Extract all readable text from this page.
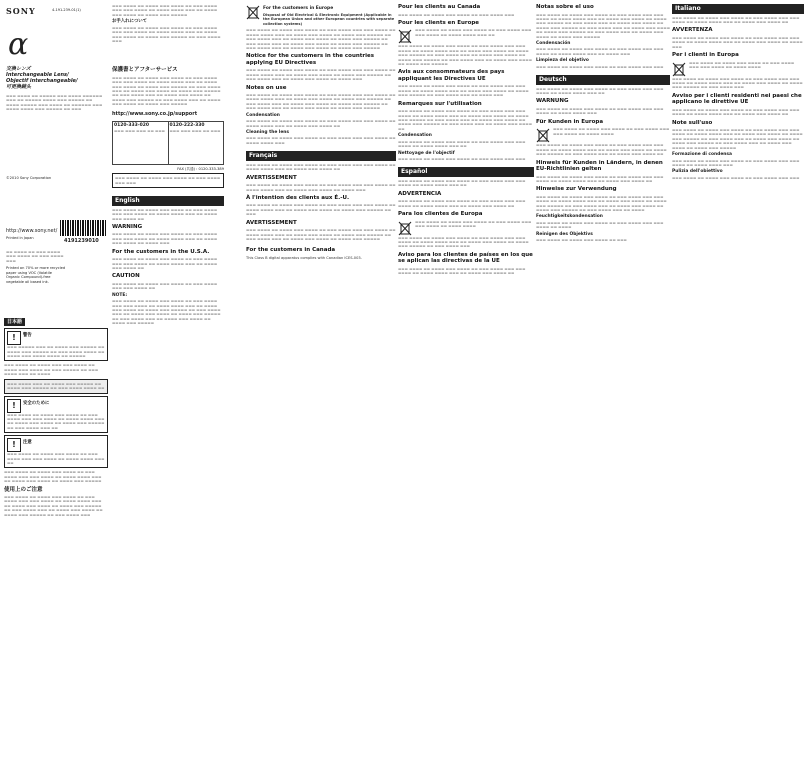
SONY	4-191-239-01(1)
α
交換レンズ
Interchangeable Lens/
Objectif interchangeable/
可更換鏡头
▬▬▬ ▬▬▬▬ ▬▬ ▬▬▬▬▬ ▬▬▬ ▬▬▬▬ ▬▬▬▬▬▬ ▬▬▬ ▬▬ ▬▬▬▬▬ ▬▬▬▬ ▬▬▬ ▬▬▬▬▬ ▬▬ ▬▬▬▬ ▬▬▬▬▬ ▬▬▬ ▬▬▬▬ ▬▬ ▬▬▬▬▬▬ ▬▬▬ ▬▬▬▬ ▬▬▬▬ ▬▬▬ ▬▬▬▬▬ ▬▬ ▬▬▬
©2010 Sony Corporation
http://www.sony.net/
Printed in Japan	4191239010
▬▬ ▬▬▬▬ ▬▬ ▬▬▬ ▬▬▬▬ ▬▬▬ ▬▬▬▬ ▬▬ ▬▬▬ ▬▬▬▬ ▬▬▬
Printed on 70% or more recycled paper using VOC (Volatile Organic Compound)-free vegetable oil based ink.
日本語
!	警告
▬▬▬ ▬▬▬▬▬ ▬▬▬ ▬▬ ▬▬▬▬ ▬▬▬ ▬▬▬▬▬ ▬▬ ▬▬▬▬ ▬▬▬ ▬▬▬▬▬ ▬▬ ▬▬▬ ▬▬▬▬ ▬▬▬▬ ▬▬ ▬▬▬▬ ▬▬▬ ▬▬▬▬ ▬▬▬▬ ▬▬ ▬▬▬▬▬
▬▬▬ ▬▬▬▬ ▬▬ ▬▬▬▬ ▬▬▬ ▬▬▬ ▬▬▬▬ ▬▬ ▬▬▬▬ ▬▬▬ ▬▬▬▬ ▬▬ ▬▬▬ ▬▬▬▬▬ ▬▬ ▬▬▬ ▬▬▬▬ ▬▬▬ ▬▬ ▬▬▬▬
▬▬▬ ▬▬▬▬ ▬▬▬ ▬▬ ▬▬▬▬ ▬▬▬ ▬▬▬▬▬ ▬▬ ▬▬▬▬ ▬▬▬ ▬▬▬▬▬ ▬▬ ▬▬▬ ▬▬▬▬ ▬▬▬▬ ▬▬
!	安全のために
▬▬▬ ▬▬▬▬ ▬▬ ▬▬▬▬ ▬▬▬ ▬▬▬▬ ▬▬ ▬▬▬ ▬▬▬▬ ▬▬▬ ▬▬▬ ▬▬▬▬ ▬▬ ▬▬▬▬ ▬▬▬▬ ▬▬▬ ▬▬ ▬▬▬▬ ▬▬▬ ▬▬▬▬ ▬▬ ▬▬▬▬ ▬▬▬ ▬▬▬▬▬ ▬▬ ▬▬▬ ▬▬▬▬ ▬▬▬ ▬▬
!	注意
▬▬▬ ▬▬▬▬ ▬▬ ▬▬▬▬ ▬▬▬ ▬▬▬▬ ▬▬ ▬▬▬ ▬▬▬▬ ▬▬▬ ▬▬▬ ▬▬▬▬ ▬▬ ▬▬▬▬ ▬▬▬▬ ▬▬▬ ▬▬
▬▬▬ ▬▬▬▬ ▬▬ ▬▬▬▬ ▬▬▬ ▬▬▬▬ ▬▬ ▬▬▬ ▬▬▬▬ ▬▬▬ ▬▬▬ ▬▬▬▬ ▬▬ ▬▬▬▬ ▬▬▬▬ ▬▬▬ ▬▬ ▬▬▬▬ ▬▬▬ ▬▬▬▬ ▬▬ ▬▬▬▬ ▬▬▬ ▬▬▬▬▬
使用上のご注意
▬▬▬ ▬▬▬▬ ▬▬ ▬▬▬▬ ▬▬▬ ▬▬▬▬ ▬▬ ▬▬▬ ▬▬▬▬ ▬▬▬ ▬▬▬ ▬▬▬▬ ▬▬ ▬▬▬▬ ▬▬▬▬ ▬▬▬ ▬▬ ▬▬▬▬ ▬▬▬ ▬▬▬▬ ▬▬ ▬▬▬▬ ▬▬▬ ▬▬▬▬▬ ▬▬ ▬▬▬ ▬▬▬▬ ▬▬▬ ▬▬ ▬▬▬▬ ▬▬▬ ▬▬▬▬ ▬▬ ▬▬▬▬ ▬▬▬ ▬▬▬▬▬ ▬▬ ▬▬▬ ▬▬▬▬ ▬▬▬
▬▬▬ ▬▬▬▬ ▬▬ ▬▬▬▬ ▬▬▬ ▬▬▬▬ ▬▬ ▬▬▬ ▬▬▬▬ ▬▬▬ ▬▬▬ ▬▬▬▬ ▬▬ ▬▬▬▬ ▬▬▬▬ ▬▬▬ ▬▬ ▬▬▬▬ ▬▬▬ ▬▬▬▬ ▬▬ ▬▬▬▬ ▬▬▬ ▬▬▬▬▬
お手入れについて
▬▬▬ ▬▬▬▬ ▬▬ ▬▬▬▬ ▬▬▬ ▬▬▬▬ ▬▬ ▬▬▬ ▬▬▬▬ ▬▬▬ ▬▬▬ ▬▬▬▬ ▬▬ ▬▬▬▬ ▬▬▬▬ ▬▬▬ ▬▬ ▬▬▬▬ ▬▬▬ ▬▬▬▬ ▬▬ ▬▬▬▬ ▬▬▬ ▬▬▬▬▬ ▬▬ ▬▬▬ ▬▬▬▬ ▬▬▬
保護書とアフターサービス
▬▬▬ ▬▬▬▬ ▬▬ ▬▬▬▬ ▬▬▬ ▬▬▬▬ ▬▬ ▬▬▬ ▬▬▬▬ ▬▬▬ ▬▬▬ ▬▬▬▬ ▬▬ ▬▬▬▬ ▬▬▬▬ ▬▬▬ ▬▬ ▬▬▬▬ ▬▬▬ ▬▬▬▬ ▬▬ ▬▬▬▬ ▬▬▬ ▬▬▬▬▬ ▬▬ ▬▬▬ ▬▬▬▬ ▬▬▬ ▬▬ ▬▬▬▬ ▬▬▬ ▬▬▬▬ ▬▬ ▬▬▬▬ ▬▬▬ ▬▬▬▬▬ ▬▬ ▬▬▬ ▬▬▬▬ ▬▬▬ ▬▬ ▬▬▬▬ ▬▬▬ ▬▬▬▬ ▬▬ ▬▬▬▬ ▬▬▬ ▬▬▬▬▬ ▬▬ ▬▬▬ ▬▬▬▬ ▬▬▬ ▬▬ ▬▬▬▬ ▬▬▬ ▬▬▬▬ ▬▬ ▬▬▬▬ ▬▬▬ ▬▬▬▬▬
http://www.sony.co.jp/support
0120-333-020
▬▬▬ ▬▬▬ ▬▬▬ ▬▬ ▬▬▬

0120-222-330
▬▬▬ ▬▬▬ ▬▬▬ ▬▬ ▬▬▬
FAX (共通) : 0120-333-389
▬▬▬ ▬▬▬▬ ▬▬ ▬▬▬▬ ▬▬▬ ▬▬▬▬ ▬▬ ▬▬▬ ▬▬▬▬ ▬▬▬ ▬▬▬
English
▬▬▬ ▬▬▬▬ ▬▬ ▬▬▬▬ ▬▬▬ ▬▬▬▬ ▬▬ ▬▬▬ ▬▬▬▬ ▬▬▬ ▬▬▬ ▬▬▬▬ ▬▬ ▬▬▬▬ ▬▬▬▬ ▬▬▬ ▬▬ ▬▬▬▬ ▬▬▬ ▬▬▬▬ ▬▬
WARNING
▬▬▬ ▬▬▬▬ ▬▬ ▬▬▬▬ ▬▬▬ ▬▬▬▬ ▬▬ ▬▬▬ ▬▬▬▬ ▬▬▬ ▬▬▬ ▬▬▬▬ ▬▬ ▬▬▬▬ ▬▬▬▬ ▬▬▬ ▬▬ ▬▬▬▬ ▬▬▬ ▬▬▬▬ ▬▬ ▬▬▬▬ ▬▬▬
For the customers in the U.S.A.
▬▬▬ ▬▬▬▬ ▬▬ ▬▬▬▬ ▬▬▬ ▬▬▬▬ ▬▬ ▬▬▬ ▬▬▬▬ ▬▬▬ ▬▬▬ ▬▬▬▬ ▬▬ ▬▬▬▬ ▬▬▬▬ ▬▬▬ ▬▬ ▬▬▬▬ ▬▬▬ ▬▬▬▬ ▬▬
CAUTION
▬▬▬ ▬▬▬▬ ▬▬ ▬▬▬▬ ▬▬▬ ▬▬▬▬ ▬▬ ▬▬▬ ▬▬▬▬ ▬▬▬ ▬▬▬ ▬▬▬▬ ▬▬
NOTE:
▬▬▬ ▬▬▬▬ ▬▬ ▬▬▬▬ ▬▬▬ ▬▬▬▬ ▬▬ ▬▬▬ ▬▬▬▬ ▬▬▬ ▬▬▬ ▬▬▬▬ ▬▬ ▬▬▬▬ ▬▬▬▬ ▬▬▬ ▬▬ ▬▬▬▬ ▬▬▬ ▬▬▬▬ ▬▬ ▬▬▬▬ ▬▬▬ ▬▬▬▬▬ ▬▬ ▬▬▬ ▬▬▬▬ ▬▬▬ ▬▬ ▬▬▬▬ ▬▬▬ ▬▬▬▬ ▬▬ ▬▬▬▬ ▬▬▬ ▬▬▬▬▬ ▬▬ ▬▬▬ ▬▬▬▬ ▬▬▬ ▬▬ ▬▬▬▬ ▬▬▬ ▬▬▬▬ ▬▬ ▬▬▬▬ ▬▬▬ ▬▬▬▬▬
For the customers in Europe
Disposal of Old Electrical & Electronic Equipment (Applicable in the European Union and other European countries with separate collection systems)
▬▬▬ ▬▬▬▬ ▬▬ ▬▬▬▬ ▬▬▬ ▬▬▬▬ ▬▬ ▬▬▬ ▬▬▬▬ ▬▬▬ ▬▬▬ ▬▬▬▬ ▬▬ ▬▬▬▬ ▬▬▬▬ ▬▬▬ ▬▬ ▬▬▬▬ ▬▬▬ ▬▬▬▬ ▬▬ ▬▬▬▬ ▬▬▬ ▬▬▬▬▬ ▬▬ ▬▬▬ ▬▬▬▬ ▬▬▬ ▬▬ ▬▬▬▬ ▬▬▬ ▬▬▬▬ ▬▬ ▬▬▬▬ ▬▬▬ ▬▬▬▬▬ ▬▬ ▬▬▬ ▬▬▬▬ ▬▬▬ ▬▬ ▬▬▬▬ ▬▬▬ ▬▬▬▬ ▬▬ ▬▬▬▬ ▬▬▬ ▬▬▬▬▬ ▬▬ ▬▬▬ ▬▬▬▬ ▬▬▬ ▬▬ ▬▬▬▬ ▬▬▬ ▬▬▬▬ ▬▬ ▬▬▬▬ ▬▬▬ ▬▬▬▬▬
Notice for the customers in the countries applying EU Directives
▬▬▬ ▬▬▬▬ ▬▬ ▬▬▬▬ ▬▬▬ ▬▬▬▬ ▬▬ ▬▬▬ ▬▬▬▬ ▬▬▬ ▬▬▬ ▬▬▬▬ ▬▬ ▬▬▬▬ ▬▬▬▬ ▬▬▬ ▬▬ ▬▬▬▬ ▬▬▬ ▬▬▬▬ ▬▬ ▬▬▬▬ ▬▬▬ ▬▬▬▬▬ ▬▬ ▬▬▬ ▬▬▬▬ ▬▬▬ ▬▬ ▬▬▬▬ ▬▬▬ ▬▬▬▬ ▬▬ ▬▬▬▬ ▬▬▬
Notes on use
▬▬▬ ▬▬▬▬ ▬▬ ▬▬▬▬ ▬▬▬ ▬▬▬▬ ▬▬ ▬▬▬ ▬▬▬▬ ▬▬▬ ▬▬▬ ▬▬▬▬ ▬▬ ▬▬▬▬ ▬▬▬▬ ▬▬▬ ▬▬ ▬▬▬▬ ▬▬▬ ▬▬▬▬ ▬▬ ▬▬▬▬ ▬▬▬ ▬▬▬▬▬ ▬▬ ▬▬▬ ▬▬▬▬ ▬▬▬ ▬▬ ▬▬▬▬ ▬▬▬ ▬▬▬▬ ▬▬ ▬▬▬▬ ▬▬▬ ▬▬▬▬▬ ▬▬ ▬▬▬ ▬▬▬▬ ▬▬▬ ▬▬ ▬▬▬▬ ▬▬▬ ▬▬▬▬ ▬▬ ▬▬▬▬ ▬▬▬ ▬▬▬▬▬
Condensation
▬▬▬ ▬▬▬▬ ▬▬ ▬▬▬▬ ▬▬▬ ▬▬▬▬ ▬▬ ▬▬▬ ▬▬▬▬ ▬▬▬ ▬▬▬ ▬▬▬▬ ▬▬ ▬▬▬▬ ▬▬▬▬ ▬▬▬ ▬▬ ▬▬▬▬ ▬▬▬ ▬▬▬▬ ▬▬
Cleaning the lens
▬▬▬ ▬▬▬▬ ▬▬ ▬▬▬▬ ▬▬▬ ▬▬▬▬ ▬▬ ▬▬▬ ▬▬▬▬ ▬▬▬ ▬▬▬ ▬▬▬▬ ▬▬ ▬▬▬▬ ▬▬▬▬ ▬▬▬
Français
▬▬▬ ▬▬▬▬ ▬▬ ▬▬▬▬ ▬▬▬ ▬▬▬▬ ▬▬ ▬▬▬ ▬▬▬▬ ▬▬▬ ▬▬▬ ▬▬▬▬ ▬▬ ▬▬▬▬ ▬▬▬▬ ▬▬▬ ▬▬ ▬▬▬▬ ▬▬▬ ▬▬▬▬ ▬▬
AVERTISSEMENT
▬▬▬ ▬▬▬▬ ▬▬ ▬▬▬▬ ▬▬▬ ▬▬▬▬ ▬▬ ▬▬▬ ▬▬▬▬ ▬▬▬ ▬▬▬ ▬▬▬▬ ▬▬ ▬▬▬▬ ▬▬▬▬ ▬▬▬ ▬▬ ▬▬▬▬ ▬▬▬ ▬▬▬▬ ▬▬ ▬▬▬▬ ▬▬▬
À l'intention des clients aux É.-U.
▬▬▬ ▬▬▬▬ ▬▬ ▬▬▬▬ ▬▬▬ ▬▬▬▬ ▬▬ ▬▬▬ ▬▬▬▬ ▬▬▬ ▬▬▬ ▬▬▬▬ ▬▬ ▬▬▬▬ ▬▬▬▬ ▬▬▬ ▬▬ ▬▬▬▬ ▬▬▬ ▬▬▬▬ ▬▬ ▬▬▬▬ ▬▬▬ ▬▬▬▬▬ ▬▬ ▬▬▬
AVERTISSEMENT
▬▬▬ ▬▬▬▬ ▬▬ ▬▬▬▬ ▬▬▬ ▬▬▬▬ ▬▬ ▬▬▬ ▬▬▬▬ ▬▬▬ ▬▬▬ ▬▬▬▬ ▬▬ ▬▬▬▬ ▬▬▬▬ ▬▬▬ ▬▬ ▬▬▬▬ ▬▬▬ ▬▬▬▬ ▬▬ ▬▬▬▬ ▬▬▬ ▬▬▬▬▬ ▬▬ ▬▬▬ ▬▬▬▬ ▬▬▬ ▬▬ ▬▬▬▬ ▬▬▬ ▬▬▬▬ ▬▬ ▬▬▬▬ ▬▬▬ ▬▬▬▬▬
For the customers in Canada
This Class B digital apparatus complies with Canadian ICES-003.
Pour les clients au Canada
▬▬▬ ▬▬▬▬ ▬▬ ▬▬▬▬ ▬▬▬ ▬▬▬▬ ▬▬ ▬▬▬ ▬▬▬▬ ▬▬▬
Pour les clients en Europe
▬▬▬ ▬▬▬▬ ▬▬ ▬▬▬▬ ▬▬▬ ▬▬▬▬ ▬▬ ▬▬▬ ▬▬▬▬ ▬▬▬ ▬▬▬ ▬▬▬▬ ▬▬ ▬▬▬▬ ▬▬▬▬ ▬▬▬ ▬▬
▬▬▬ ▬▬▬▬ ▬▬ ▬▬▬▬ ▬▬▬ ▬▬▬▬ ▬▬ ▬▬▬ ▬▬▬▬ ▬▬▬ ▬▬▬ ▬▬▬▬ ▬▬ ▬▬▬▬ ▬▬▬▬ ▬▬▬ ▬▬ ▬▬▬▬ ▬▬▬ ▬▬▬▬ ▬▬ ▬▬▬▬ ▬▬▬ ▬▬▬▬▬ ▬▬ ▬▬▬ ▬▬▬▬ ▬▬▬ ▬▬ ▬▬▬▬ ▬▬▬ ▬▬▬▬ ▬▬ ▬▬▬▬ ▬▬▬ ▬▬▬▬▬ ▬▬ ▬▬▬ ▬▬▬▬ ▬▬▬ ▬▬ ▬▬▬▬ ▬▬▬ ▬▬▬▬ ▬▬ ▬▬▬▬ ▬▬▬ ▬▬▬▬▬
Avis aux consommateurs des pays appliquant les Directives UE
▬▬▬ ▬▬▬▬ ▬▬ ▬▬▬▬ ▬▬▬ ▬▬▬▬ ▬▬ ▬▬▬ ▬▬▬▬ ▬▬▬ ▬▬▬ ▬▬▬▬ ▬▬ ▬▬▬▬ ▬▬▬▬ ▬▬▬ ▬▬ ▬▬▬▬ ▬▬▬ ▬▬▬▬ ▬▬ ▬▬▬▬ ▬▬▬ ▬▬▬▬▬ ▬▬ ▬▬▬ ▬▬▬▬ ▬▬▬ ▬▬ ▬▬▬▬ ▬▬▬
Remarques sur l'utilisation
▬▬▬ ▬▬▬▬ ▬▬ ▬▬▬▬ ▬▬▬ ▬▬▬▬ ▬▬ ▬▬▬ ▬▬▬▬ ▬▬▬ ▬▬▬ ▬▬▬▬ ▬▬ ▬▬▬▬ ▬▬▬▬ ▬▬▬ ▬▬ ▬▬▬▬ ▬▬▬ ▬▬▬▬ ▬▬ ▬▬▬▬ ▬▬▬ ▬▬▬▬▬ ▬▬ ▬▬▬ ▬▬▬▬ ▬▬▬ ▬▬ ▬▬▬▬ ▬▬▬ ▬▬▬▬ ▬▬ ▬▬▬▬ ▬▬▬ ▬▬▬▬▬ ▬▬ ▬▬▬ ▬▬▬▬ ▬▬▬ ▬▬ ▬▬▬▬ ▬▬▬ ▬▬▬▬ ▬▬
Condensation
▬▬▬ ▬▬▬▬ ▬▬ ▬▬▬▬ ▬▬▬ ▬▬▬▬ ▬▬ ▬▬▬ ▬▬▬▬ ▬▬▬ ▬▬▬ ▬▬▬▬ ▬▬ ▬▬▬▬ ▬▬▬▬ ▬▬▬ ▬▬
Nettoyage de l'objectif
▬▬▬ ▬▬▬▬ ▬▬ ▬▬▬▬ ▬▬▬ ▬▬▬▬ ▬▬ ▬▬▬ ▬▬▬▬ ▬▬▬ ▬▬▬
Español
▬▬▬ ▬▬▬▬ ▬▬ ▬▬▬▬ ▬▬▬ ▬▬▬▬ ▬▬ ▬▬▬ ▬▬▬▬ ▬▬▬ ▬▬▬ ▬▬▬▬ ▬▬ ▬▬▬▬ ▬▬▬▬ ▬▬▬ ▬▬
ADVERTENCIA
▬▬▬ ▬▬▬▬ ▬▬ ▬▬▬▬ ▬▬▬ ▬▬▬▬ ▬▬ ▬▬▬ ▬▬▬▬ ▬▬▬ ▬▬▬ ▬▬▬▬ ▬▬ ▬▬▬▬ ▬▬▬▬ ▬▬▬ ▬▬ ▬▬▬▬ ▬▬▬ ▬▬▬▬ ▬▬
Para los clientes de Europa
▬▬▬ ▬▬▬▬ ▬▬ ▬▬▬▬ ▬▬▬ ▬▬▬▬ ▬▬ ▬▬▬ ▬▬▬▬ ▬▬▬ ▬▬▬ ▬▬▬▬ ▬▬ ▬▬▬▬ ▬▬▬▬
▬▬▬ ▬▬▬▬ ▬▬ ▬▬▬▬ ▬▬▬ ▬▬▬▬ ▬▬ ▬▬▬ ▬▬▬▬ ▬▬▬ ▬▬▬ ▬▬▬▬ ▬▬ ▬▬▬▬ ▬▬▬▬ ▬▬▬ ▬▬ ▬▬▬▬ ▬▬▬ ▬▬▬▬ ▬▬ ▬▬▬▬ ▬▬▬ ▬▬▬▬▬ ▬▬ ▬▬▬ ▬▬▬▬ ▬▬▬
Aviso para los clientes de países en los que se aplican las directivas de la UE
▬▬▬ ▬▬▬▬ ▬▬ ▬▬▬▬ ▬▬▬ ▬▬▬▬ ▬▬ ▬▬▬ ▬▬▬▬ ▬▬▬ ▬▬▬ ▬▬▬▬ ▬▬ ▬▬▬▬ ▬▬▬▬ ▬▬▬ ▬▬ ▬▬▬▬ ▬▬▬ ▬▬▬▬ ▬▬
Notas sobre el uso
▬▬▬ ▬▬▬▬ ▬▬ ▬▬▬▬ ▬▬▬ ▬▬▬▬ ▬▬ ▬▬▬ ▬▬▬▬ ▬▬▬ ▬▬▬ ▬▬▬▬ ▬▬ ▬▬▬▬ ▬▬▬▬ ▬▬▬ ▬▬ ▬▬▬▬ ▬▬▬ ▬▬▬▬ ▬▬ ▬▬▬▬ ▬▬▬ ▬▬▬▬▬ ▬▬ ▬▬▬ ▬▬▬▬ ▬▬▬ ▬▬ ▬▬▬▬ ▬▬▬ ▬▬▬▬ ▬▬ ▬▬▬▬ ▬▬▬ ▬▬▬▬▬ ▬▬ ▬▬▬ ▬▬▬▬ ▬▬▬ ▬▬ ▬▬▬▬ ▬▬▬ ▬▬▬▬ ▬▬ ▬▬▬▬ ▬▬▬ ▬▬▬▬▬ ▬▬ ▬▬▬ ▬▬▬▬ ▬▬▬ ▬▬ ▬▬▬▬ ▬▬▬ ▬▬▬▬ ▬▬ ▬▬▬▬ ▬▬▬ ▬▬▬▬▬
Condensación
▬▬▬ ▬▬▬▬ ▬▬ ▬▬▬▬ ▬▬▬ ▬▬▬▬ ▬▬ ▬▬▬ ▬▬▬▬ ▬▬▬ ▬▬▬ ▬▬▬▬ ▬▬ ▬▬▬▬ ▬▬▬▬ ▬▬▬ ▬▬ ▬▬▬▬ ▬▬▬
Limpieza del objetivo
▬▬▬ ▬▬▬▬ ▬▬ ▬▬▬▬ ▬▬▬ ▬▬▬▬ ▬▬ ▬▬▬ ▬▬▬▬ ▬▬▬ ▬▬▬
Deutsch
▬▬▬ ▬▬▬▬ ▬▬ ▬▬▬▬ ▬▬▬ ▬▬▬▬ ▬▬ ▬▬▬ ▬▬▬▬ ▬▬▬ ▬▬▬ ▬▬▬▬ ▬▬ ▬▬▬▬ ▬▬▬▬ ▬▬▬ ▬▬
WARNUNG
▬▬▬ ▬▬▬▬ ▬▬ ▬▬▬▬ ▬▬▬ ▬▬▬▬ ▬▬ ▬▬▬ ▬▬▬▬ ▬▬▬ ▬▬▬ ▬▬▬▬ ▬▬ ▬▬▬▬ ▬▬▬▬ ▬▬▬
Für Kunden in Europa
▬▬▬ ▬▬▬▬ ▬▬ ▬▬▬▬ ▬▬▬ ▬▬▬▬ ▬▬ ▬▬▬ ▬▬▬▬ ▬▬▬ ▬▬▬ ▬▬▬▬ ▬▬ ▬▬▬▬ ▬▬▬▬
▬▬▬ ▬▬▬▬ ▬▬ ▬▬▬▬ ▬▬▬ ▬▬▬▬ ▬▬ ▬▬▬ ▬▬▬▬ ▬▬▬ ▬▬▬ ▬▬▬▬ ▬▬ ▬▬▬▬ ▬▬▬▬ ▬▬▬ ▬▬ ▬▬▬▬ ▬▬▬ ▬▬▬▬ ▬▬ ▬▬▬▬ ▬▬▬ ▬▬▬▬▬ ▬▬ ▬▬▬ ▬▬▬▬ ▬▬▬ ▬▬ ▬▬▬▬ ▬▬▬ ▬▬▬▬ ▬▬
Hinweis für Kunden in Ländern, in denen EU-Richtlinien gelten
▬▬▬ ▬▬▬▬ ▬▬ ▬▬▬▬ ▬▬▬ ▬▬▬▬ ▬▬ ▬▬▬ ▬▬▬▬ ▬▬▬ ▬▬▬ ▬▬▬▬ ▬▬ ▬▬▬▬ ▬▬▬▬ ▬▬▬ ▬▬ ▬▬▬▬ ▬▬▬ ▬▬▬▬ ▬▬
Hinweise zur Verwendung
▬▬▬ ▬▬▬▬ ▬▬ ▬▬▬▬ ▬▬▬ ▬▬▬▬ ▬▬ ▬▬▬ ▬▬▬▬ ▬▬▬ ▬▬▬ ▬▬▬▬ ▬▬ ▬▬▬▬ ▬▬▬▬ ▬▬▬ ▬▬ ▬▬▬▬ ▬▬▬ ▬▬▬▬ ▬▬ ▬▬▬▬ ▬▬▬ ▬▬▬▬▬ ▬▬ ▬▬▬ ▬▬▬▬ ▬▬▬ ▬▬ ▬▬▬▬ ▬▬▬ ▬▬▬▬ ▬▬ ▬▬▬▬ ▬▬▬ ▬▬▬▬▬ ▬▬ ▬▬▬ ▬▬▬▬ ▬▬▬ ▬▬ ▬▬▬▬
Feuchtigkeitskondensation
▬▬▬ ▬▬▬▬ ▬▬ ▬▬▬▬ ▬▬▬ ▬▬▬▬ ▬▬ ▬▬▬ ▬▬▬▬ ▬▬▬ ▬▬▬ ▬▬▬▬ ▬▬ ▬▬▬▬
Reinigen des Objektivs
▬▬▬ ▬▬▬▬ ▬▬ ▬▬▬▬ ▬▬▬ ▬▬▬▬ ▬▬ ▬▬▬
Italiano
▬▬▬ ▬▬▬▬ ▬▬ ▬▬▬▬ ▬▬▬ ▬▬▬▬ ▬▬ ▬▬▬ ▬▬▬▬ ▬▬▬ ▬▬▬ ▬▬▬▬ ▬▬ ▬▬▬▬ ▬▬▬▬ ▬▬▬ ▬▬ ▬▬▬▬ ▬▬▬ ▬▬▬▬ ▬▬
AVVERTENZA
▬▬▬ ▬▬▬▬ ▬▬ ▬▬▬▬ ▬▬▬ ▬▬▬▬ ▬▬ ▬▬▬ ▬▬▬▬ ▬▬▬ ▬▬▬ ▬▬▬▬ ▬▬ ▬▬▬▬ ▬▬▬▬ ▬▬▬ ▬▬ ▬▬▬▬ ▬▬▬ ▬▬▬▬ ▬▬ ▬▬▬▬ ▬▬▬
Per i clienti in Europa
▬▬▬ ▬▬▬▬ ▬▬ ▬▬▬▬ ▬▬▬ ▬▬▬▬ ▬▬ ▬▬▬ ▬▬▬▬ ▬▬▬ ▬▬▬ ▬▬▬▬ ▬▬ ▬▬▬▬ ▬▬▬▬
▬▬▬ ▬▬▬▬ ▬▬ ▬▬▬▬ ▬▬▬ ▬▬▬▬ ▬▬ ▬▬▬ ▬▬▬▬ ▬▬▬ ▬▬▬ ▬▬▬▬ ▬▬ ▬▬▬▬ ▬▬▬▬ ▬▬▬ ▬▬ ▬▬▬▬ ▬▬▬ ▬▬▬▬ ▬▬ ▬▬▬▬ ▬▬▬ ▬▬▬▬▬ ▬▬ ▬▬▬ ▬▬▬▬ ▬▬▬
Avviso per i clienti residenti nei paesi che applicano le direttive UE
▬▬▬ ▬▬▬▬ ▬▬ ▬▬▬▬ ▬▬▬ ▬▬▬▬ ▬▬ ▬▬▬ ▬▬▬▬ ▬▬▬ ▬▬▬ ▬▬▬▬ ▬▬ ▬▬▬▬ ▬▬▬▬ ▬▬▬ ▬▬ ▬▬▬▬ ▬▬▬ ▬▬▬▬ ▬▬
Note sull'uso
▬▬▬ ▬▬▬▬ ▬▬ ▬▬▬▬ ▬▬▬ ▬▬▬▬ ▬▬ ▬▬▬ ▬▬▬▬ ▬▬▬ ▬▬▬ ▬▬▬▬ ▬▬ ▬▬▬▬ ▬▬▬▬ ▬▬▬ ▬▬ ▬▬▬▬ ▬▬▬ ▬▬▬▬ ▬▬ ▬▬▬▬ ▬▬▬ ▬▬▬▬▬ ▬▬ ▬▬▬ ▬▬▬▬ ▬▬▬ ▬▬ ▬▬▬▬ ▬▬▬ ▬▬▬▬ ▬▬ ▬▬▬▬ ▬▬▬ ▬▬▬▬▬ ▬▬ ▬▬▬ ▬▬▬▬ ▬▬▬ ▬▬ ▬▬▬▬ ▬▬▬ ▬▬▬▬ ▬▬ ▬▬▬▬ ▬▬▬ ▬▬▬▬▬
Formazione di condensa
▬▬▬ ▬▬▬▬ ▬▬ ▬▬▬▬ ▬▬▬ ▬▬▬▬ ▬▬ ▬▬▬ ▬▬▬▬ ▬▬▬ ▬▬▬ ▬▬▬▬ ▬▬ ▬▬▬▬ ▬▬▬▬ ▬▬▬
Pulizia dell'obiettivo
▬▬▬ ▬▬▬▬ ▬▬ ▬▬▬▬ ▬▬▬ ▬▬▬▬ ▬▬ ▬▬▬ ▬▬▬▬ ▬▬▬ ▬▬▬
